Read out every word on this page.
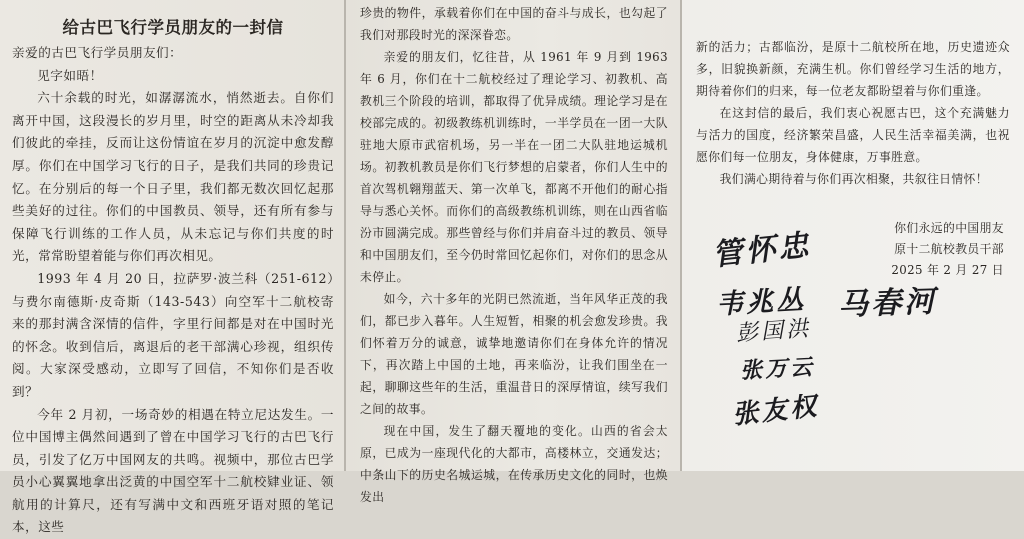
给古巴飞行学员朋友的一封信

亲爱的古巴飞行学员朋友们：

见字如晤！

六十余载的时光，如潺潺流水，悄然逝去。自你们离开中国，这段漫长的岁月里，时空的距离从未冷却我们彼此的牵挂，反而让这份情谊在岁月的沉淀中愈发醇厚。你们在中国学习飞行的日子，是我们共同的珍贵记忆。在分别后的每一个日子里，我们都无数次回忆起那些美好的过往。你们的中国教员、领导，还有所有参与保障飞行训练的工作人员，从未忘记与你们共度的时光，常常盼望着能与你们再次相见。

1993 年 4 月 20 日，拉萨罗·波兰科（251-612）与费尔南德斯·皮奇斯（143-543）向空军十二航校寄来的那封满含深情的信件，字里行间都是对在中国时光的怀念。收到信后，离退后的老干部满心珍视，组织传阅。大家深受感动，立即写了回信，不知你们是否收到？

今年 2 月初，一场奇妙的相遇在特立尼达发生。一位中国博主偶然间遇到了曾在中国学习飞行的古巴飞行员，引发了亿万中国网友的共鸣。视频中，那位古巴学员小心翼翼地拿出泛黄的中国空军十二航校肄业证、领航用的计算尺，还有写满中文和西班牙语对照的笔记本，这些

珍贵的物件，承载着你们在中国的奋斗与成长，也勾起了我们对那段时光的深深眷恋。

亲爱的朋友们，忆往昔，从 1961 年 9 月到 1963 年 6 月，你们在十二航校经过了理论学习、初教机、高教机三个阶段的培训，都取得了优异成绩。理论学习是在校部完成的。初级教练机训练时，一半学员在一团一大队驻地大原市武宿机场，另一半在一团二大队驻地运城机场。初教机教员是你们飞行梦想的启蒙者，你们人生中的首次驾机翱翔蓝天、第一次单飞，都离不开他们的耐心指导与悉心关怀。而你们的高级教练机训练，则在山西省临汾市圆满完成。那些曾经与你们并肩奋斗过的教员、领导和中国朋友们，至今仍时常回忆起你们，对你们的思念从未停止。

如今，六十多年的光阴已然流逝，当年风华正茂的我们，都已步入暮年。人生短暂，相聚的机会愈发珍贵。我们怀着万分的诚意，诚挚地邀请你们在身体允许的情况下，再次踏上中国的土地，再来临汾，让我们围坐在一起，聊聊这些年的生活，重温昔日的深厚情谊，续写我们之间的故事。

现在中国，发生了翻天覆地的变化。山西的省会太原，已成为一座现代化的大都市，高楼林立，交通发达；中条山下的历史名城运城，在传承历史文化的同时，也焕发出

新的活力；古都临汾，是原十二航校所在地，历史遗迹众多，旧貌换新颜，充满生机。你们曾经学习生活的地方，期待着你们的归来，每一位老友都盼望着与你们重逢。

在这封信的最后，我们衷心祝愿古巴，这个充满魅力与活力的国度，经济繁荣昌盛，人民生活幸福美满，也祝愿你们每一位朋友，身体健康，万事胜意。

我们满心期待着与你们再次相聚，共叙往日情怀！

你们永远的中国朋友

原十二航校教员干部

2025 年 2 月 27 日

管怀忠
韦兆丛 马春河
彭国洪
张万云
张友权
